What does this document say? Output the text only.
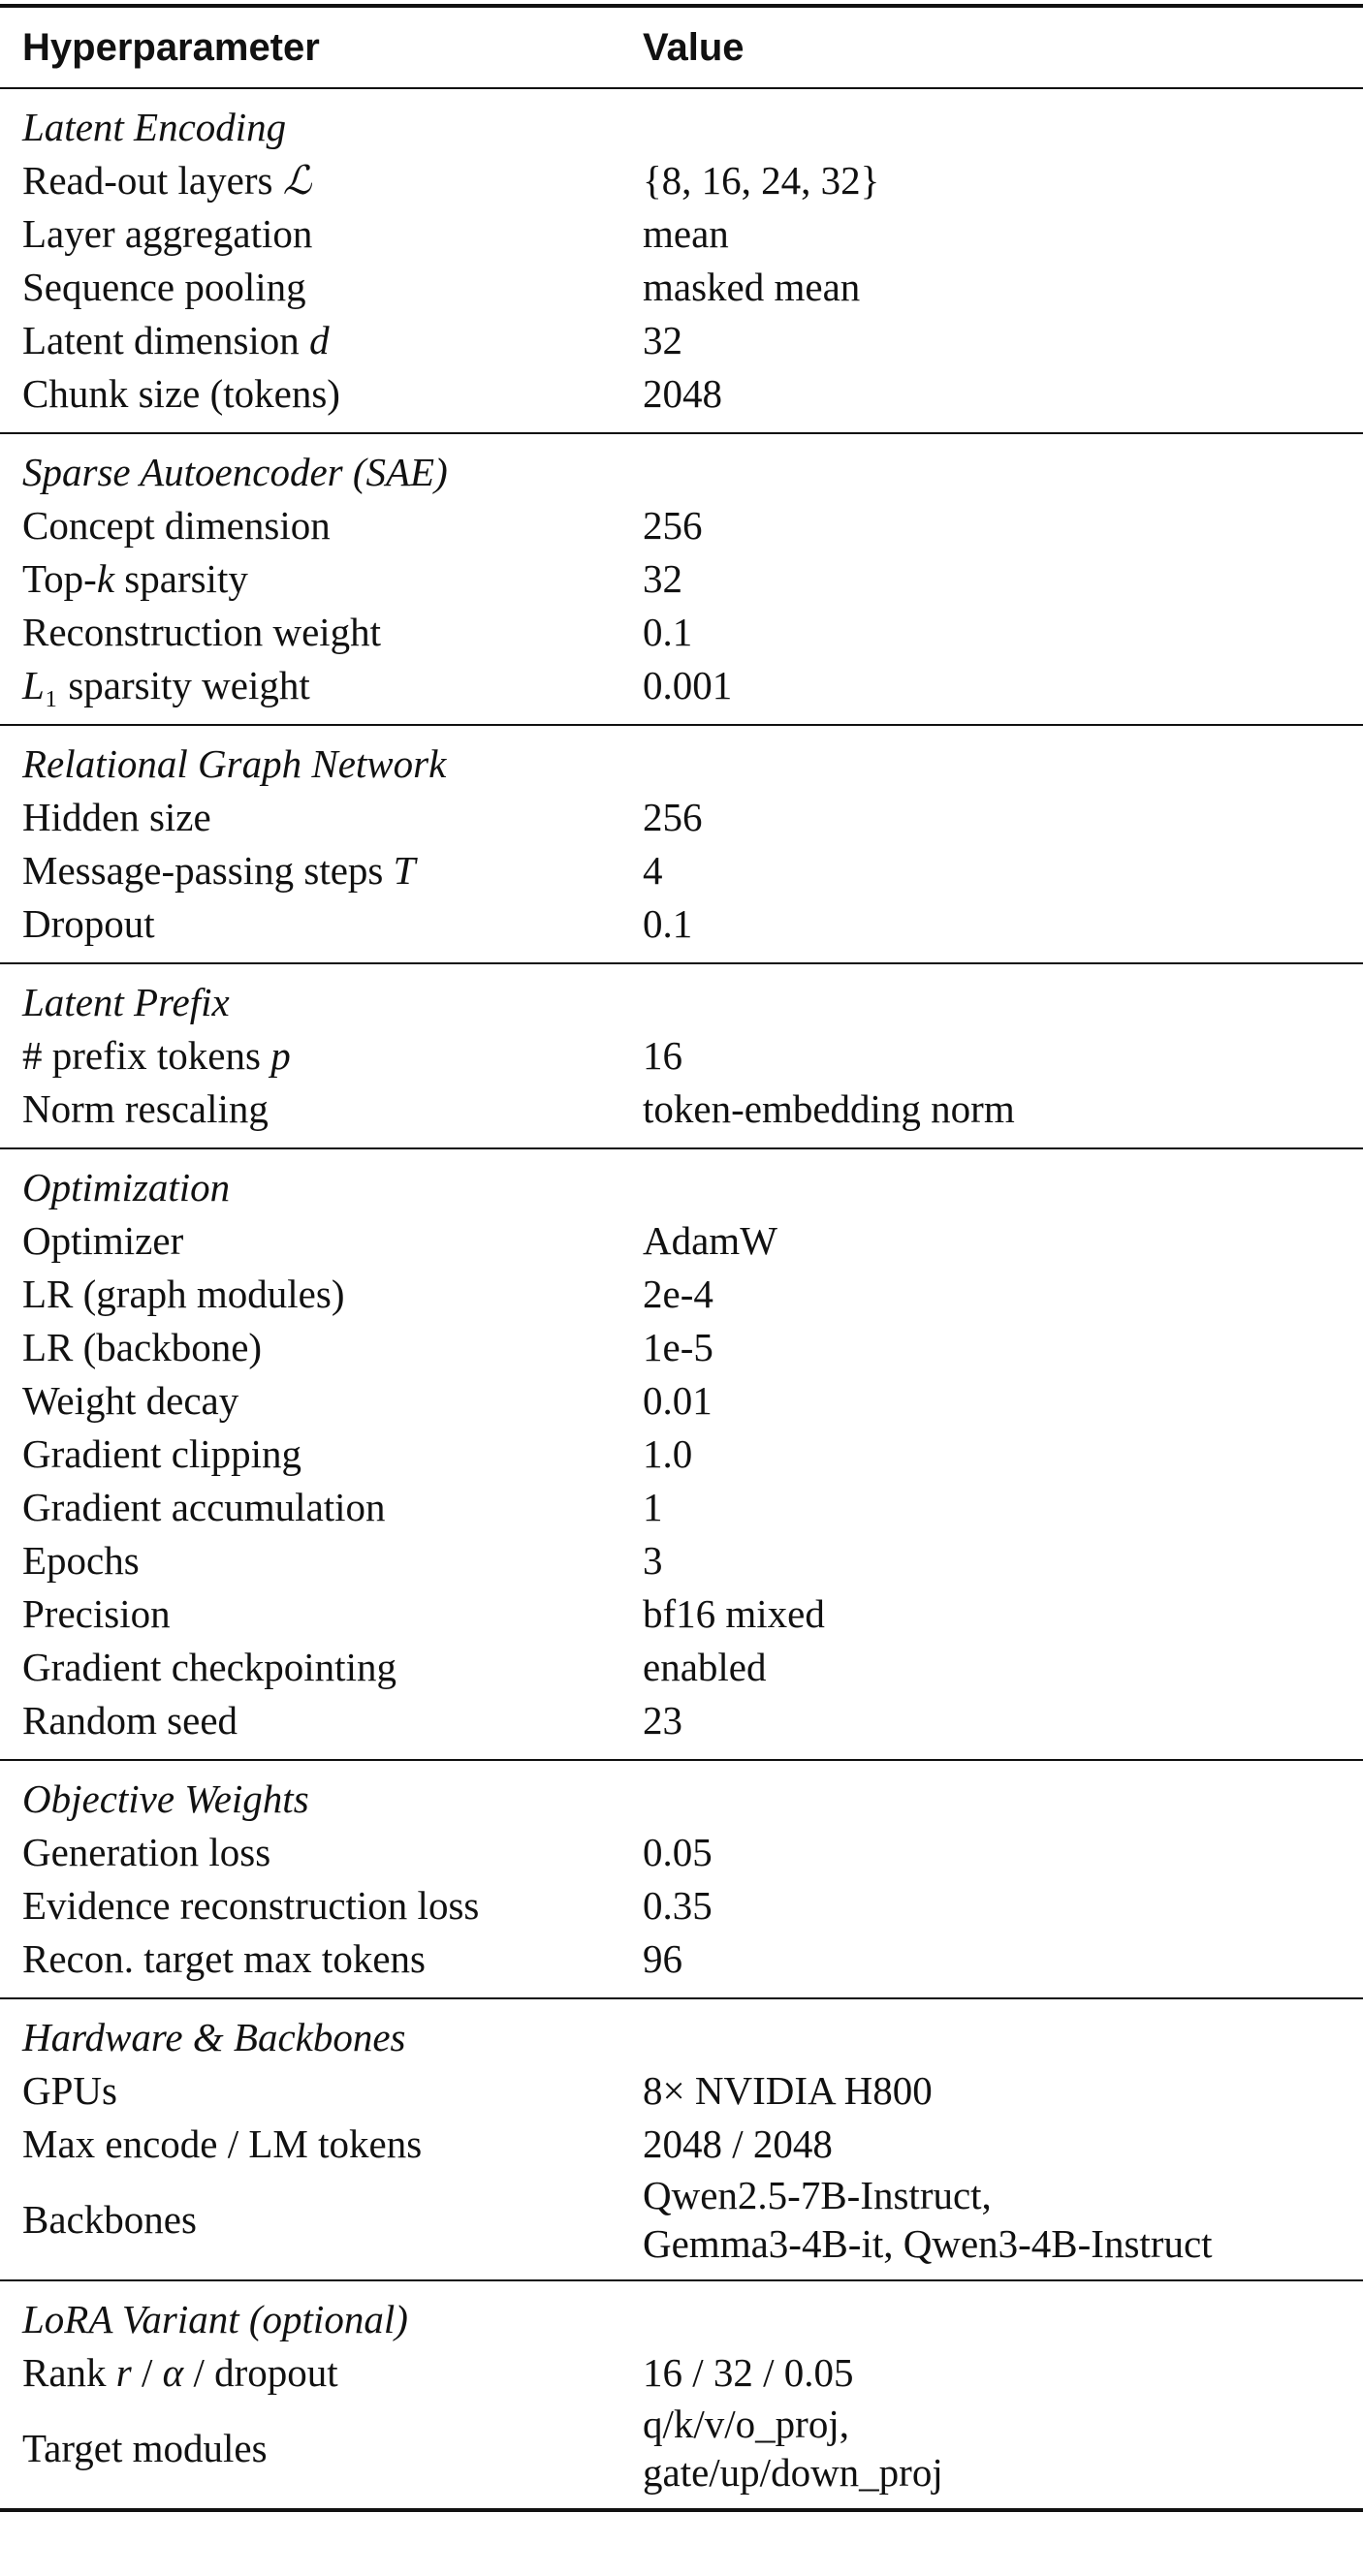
Hyperparameter	Value
Latent Encoding	
Read-out layers ℒ	{8, 16, 24, 32}
Layer aggregation	mean
Sequence pooling	masked mean
Latent dimension d	32
Chunk size (tokens)	2048
Sparse Autoencoder (SAE)	
Concept dimension	256
Top-k sparsity	32
Reconstruction weight	0.1
L₁ sparsity weight	0.001
Relational Graph Network	
Hidden size	256
Message-passing steps T	4
Dropout	0.1
Latent Prefix	
# prefix tokens p	16
Norm rescaling	token-embedding norm
Optimization	
Optimizer	AdamW
LR (graph modules)	2e-4
LR (backbone)	1e-5
Weight decay	0.01
Gradient clipping	1.0
Gradient accumulation	1
Epochs	3
Precision	bf16 mixed
Gradient checkpointing	enabled
Random seed	23
Objective Weights	
Generation loss	0.05
Evidence reconstruction loss	0.35
Recon. target max tokens	96
Hardware & Backbones	
GPUs	8× NVIDIA H800
Max encode / LM tokens	2048 / 2048
Backbones	Qwen2.5-7B-Instruct,
Gemma3-4B-it, Qwen3-4B-Instruct
LoRA Variant (optional)	
Rank r / α / dropout	16 / 32 / 0.05
Target modules	q/k/v/o_proj,
gate/up/down_proj
